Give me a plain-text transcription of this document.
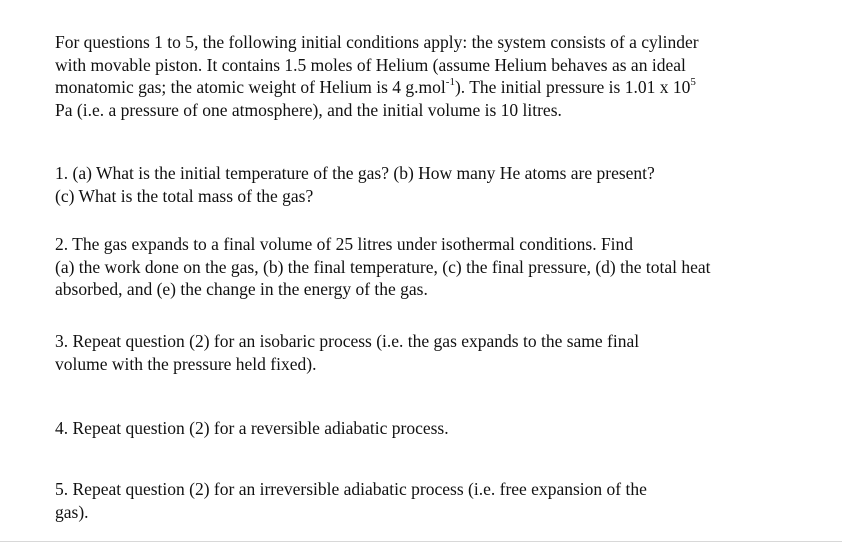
For questions 1 to 5, the following initial conditions apply: the system consists of a cylinder
with movable piston. It contains 1.5 moles of Helium (assume Helium behaves as an ideal
monatomic gas; the atomic weight of Helium is 4 g.mol$^{-1}$). The initial pressure is 1.01 x $10^5$
Pa (i.e. a pressure of one atmosphere), and the initial volume is 10 litres.

1. (a) What is the initial temperature of the gas? (b) How many He atoms are present?
(c) What is the total mass of the gas?

2. The gas expands to a final volume of 25 litres under isothermal conditions. Find
(a) the work done on the gas, (b) the final temperature, (c) the final pressure, (d) the total heat
absorbed, and (e) the change in the energy of the gas.

3. Repeat question (2) for an isobaric process (i.e. the gas expands to the same final
volume with the pressure held fixed).

4. Repeat question (2) for a reversible adiabatic process.

5. Repeat question (2) for an irreversible adiabatic process (i.e. free expansion of the
gas).
